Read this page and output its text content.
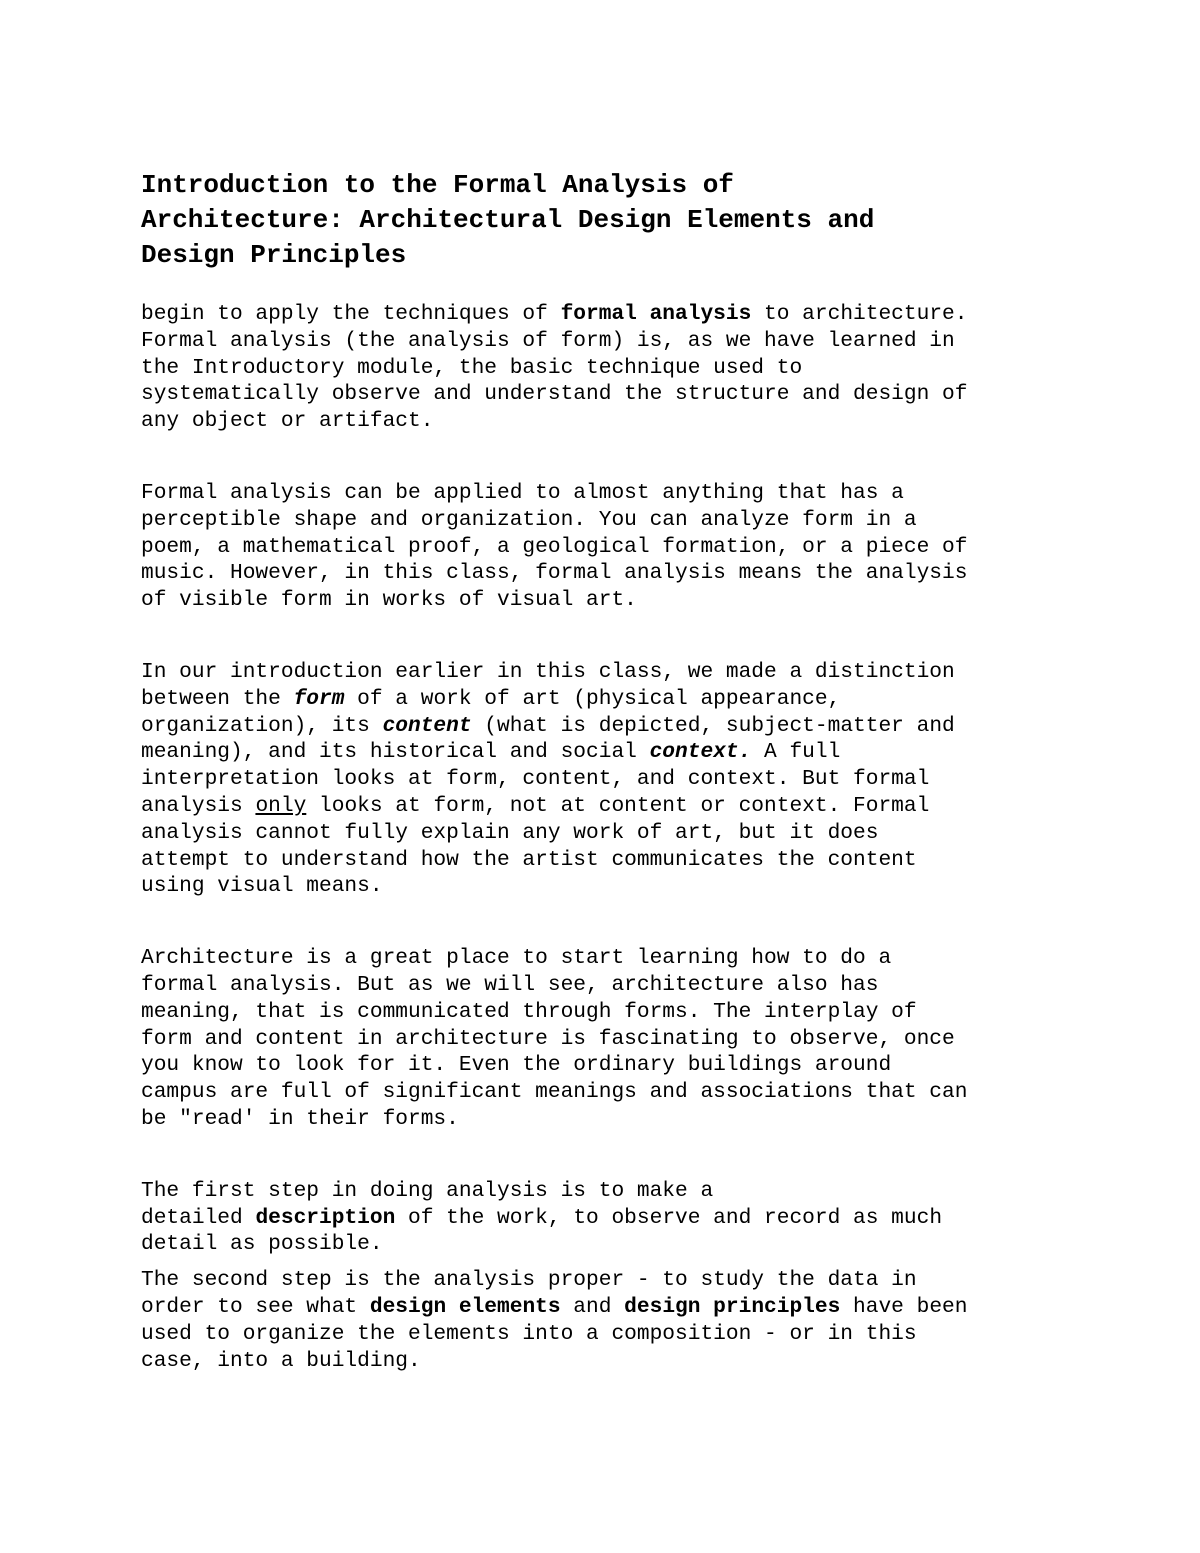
Introduction to the Formal Analysis of
Architecture: Architectural Design Elements and
Design Principles

begin to apply the techniques of formal analysis to architecture.
Formal analysis (the analysis of form) is, as we have learned in
the Introductory module, the basic technique used to
systematically observe and understand the structure and design of
any object or artifact.

Formal analysis can be applied to almost anything that has a
perceptible shape and organization. You can analyze form in a
poem, a mathematical proof, a geological formation, or a piece of
music. However, in this class, formal analysis means the analysis
of visible form in works of visual art.

In our introduction earlier in this class, we made a distinction
between the form of a work of art (physical appearance,
organization), its content (what is depicted, subject-matter and
meaning), and its historical and social context. A full
interpretation looks at form, content, and context. But formal
analysis only looks at form, not at content or context. Formal
analysis cannot fully explain any work of art, but it does
attempt to understand how the artist communicates the content
using visual means.

Architecture is a great place to start learning how to do a
formal analysis. But as we will see, architecture also has
meaning, that is communicated through forms. The interplay of
form and content in architecture is fascinating to observe, once
you know to look for it. Even the ordinary buildings around
campus are full of significant meanings and associations that can
be "read' in their forms.

The first step in doing analysis is to make a
detailed description of the work, to observe and record as much
detail as possible.

The second step is the analysis proper - to study the data in
order to see what design elements and design principles have been
used to organize the elements into a composition - or in this
case, into a building.
